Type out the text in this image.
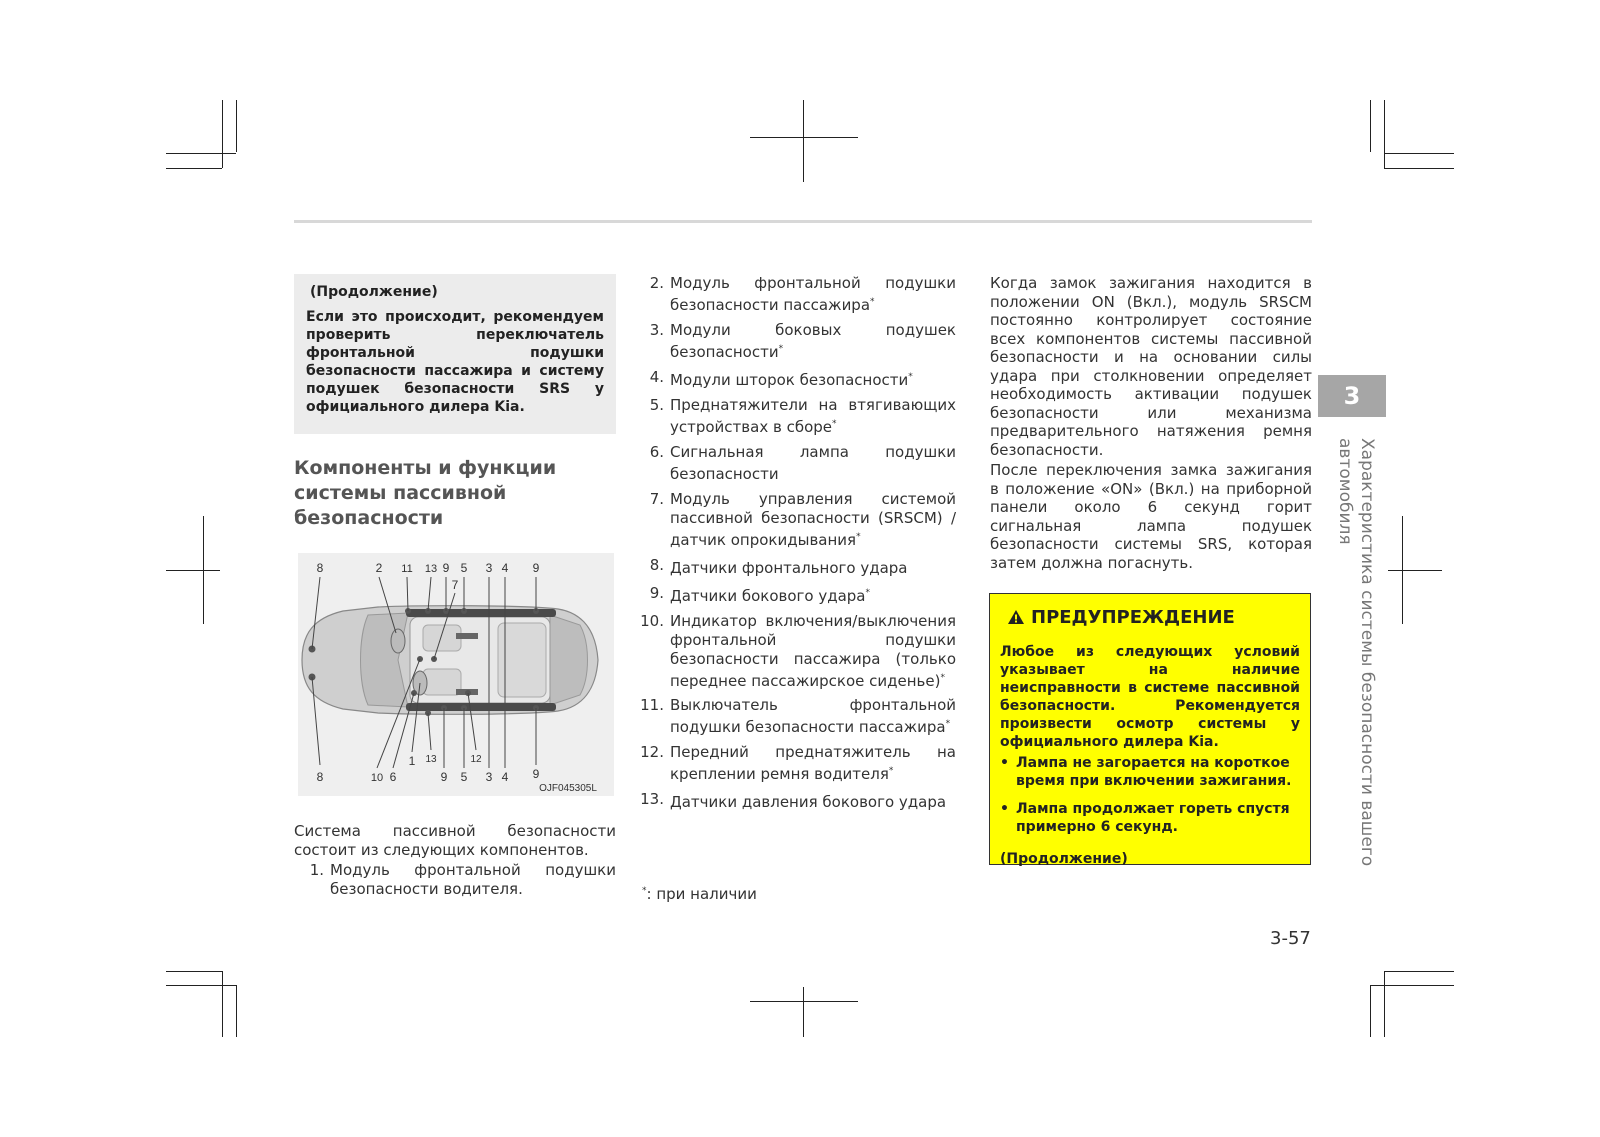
(Продолжение)
Если это происходит, рекомендуем проверить переключатель фронтальной подушки безопасности пассажира и систему подушек безопасности SRS у официального дилера Kia.
Компоненты и функции системы пассивной безопасности
8	2 11 13 9 5 3 4 9
7
8	10 6	9 5 3 4 9
1 13	12
OJF045305L

Система пассивной безопасности состоит из следующих компонентов.

1. Модуль фронтальной подушки безопасности водителя.
2. Модуль фронтальной подушки безопасности пассажира*
3. Модули боковых подушек безопасности*
4. Модули шторок безопасности*
5. Преднатяжители на втягивающих устройствах в сборе*
6. Сигнальная лампа подушки безопасности
7. Модуль управления системой пассивной безопасности (SRSCM) / датчик опрокидывания*
8. Датчики фронтального удара
9. Датчики бокового удара*
10. Индикатор включения/выключения фронтальной подушки безопасности пассажира (только переднее пассажирское сиденье)*
11. Выключатель фронтальной подушки безопасности пассажира*
12. Передний преднатяжитель на креплении ремня водителя*
13. Датчики давления бокового удара
*: при наличии

Когда замок зажигания находится в положении ON (Вкл.), модуль SRSCM постоянно контролирует состояние всех компонентов системы пассивной безопасности и на основании силы удара при столкновении определяет необходимость активации подушек безопасности или механизма предварительного натяжения ремня безопасности.

После переключения замка зажигания в положение «ON» (Вкл.) на приборной панели около 6 секунд горит сигнальная лампа подушек безопасности системы SRS, которая затем должна погаснуть.

ПРЕДУПРЕЖДЕНИЕ
Любое из следующих условий указывает на наличие неисправности в системе пассивной безопасности. Рекомендуется произвести осмотр системы у официального дилера Kia.
• Лампа не загорается на короткое время при включении зажигания.
• Лампа продолжает гореть спустя примерно 6 секунд.
(Продолжение)
3
Характеристика системы безопасности вашего автомобиля
3-57
